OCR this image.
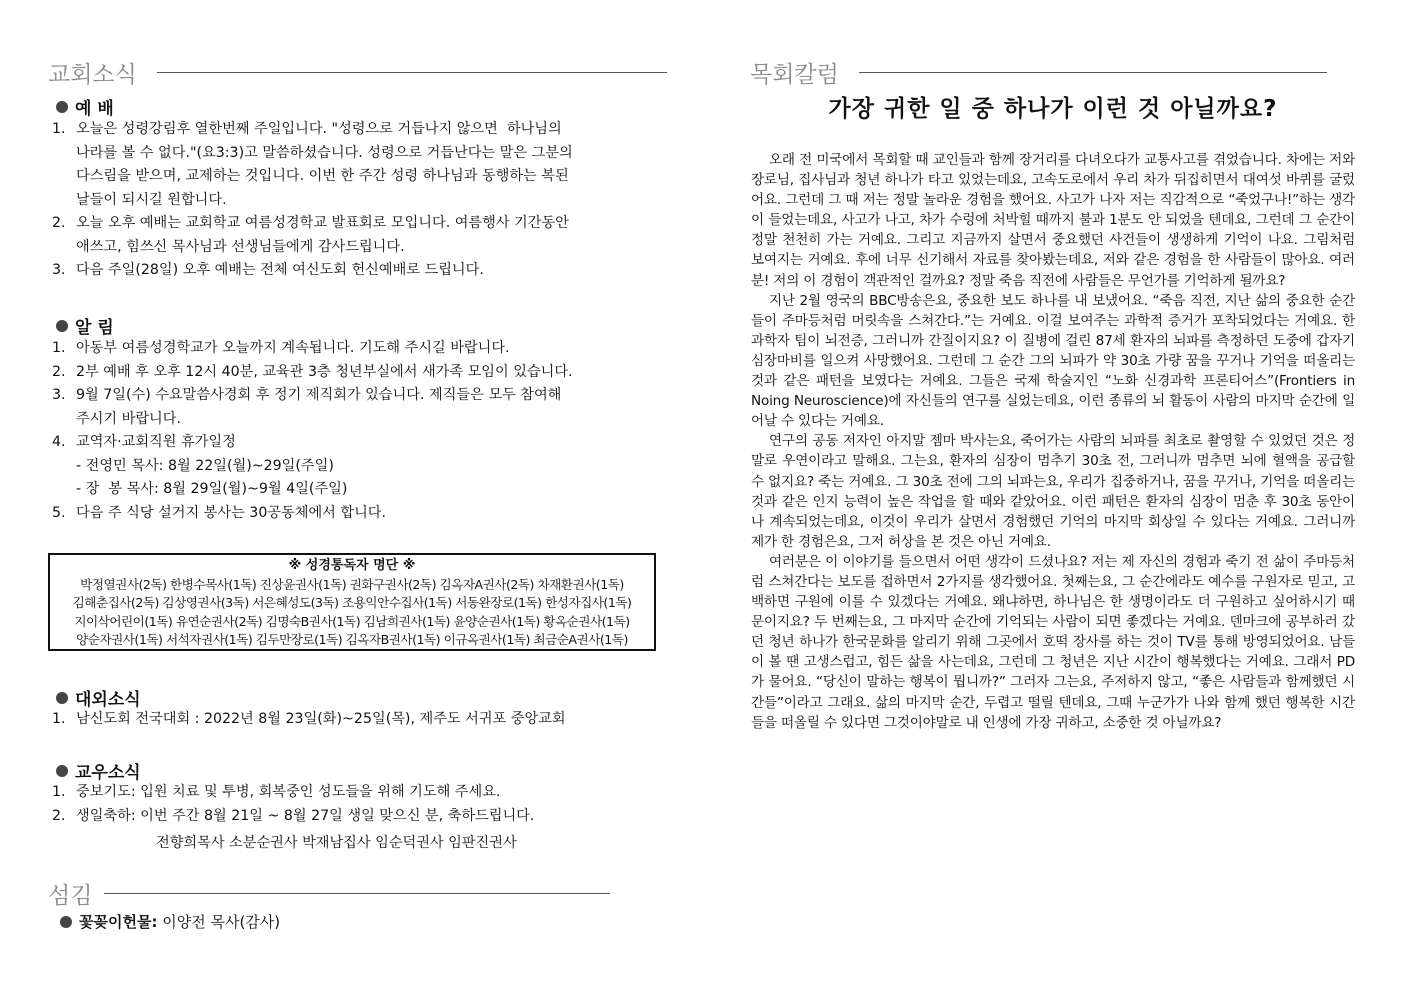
교회소식
예 배
1. 오늘은 성령강림후 열한번째 주일입니다. "성령으로 거듭나지 않으면  하나님의
나라를 볼 수 없다."(요3:3)고 말씀하셨습니다. 성령으로 거듭난다는 말은 그분의
다스림을 받으며, 교제하는 것입니다. 이번 한 주간 성령 하나님과 동행하는 복된
날들이 되시길 원합니다.
2. 오늘 오후 예배는 교회학교 여름성경학교 발표회로 모입니다. 여름행사 기간동안
애쓰고, 힘쓰신 목사님과 선생님들에게 감사드립니다.
3. 다음 주일(28일) 오후 예배는 전체 여신도회 헌신예배로 드립니다.
알 림
1. 아동부 여름성경학교가 오늘까지 계속됩니다. 기도해 주시길 바랍니다.
2. 2부 예배 후 오후 12시 40분, 교육관 3층 청년부실에서 새가족 모임이 있습니다.
3. 9월 7일(수) 수요말씀사경회 후 정기 제직회가 있습니다. 제직들은 모두 참여해
주시기 바랍니다.
4. 교역자·교회직원 휴가일정
- 전영민 목사: 8월 22일(월)~29일(주일)
- 장  봉 목사: 8월 29일(월)~9월 4일(주일)
5. 다음 주 식당 설거지 봉사는 30공동체에서 합니다.
※ 성경통독자 명단 ※
박정열권사(2독) 한병수목사(1독) 진상윤권사(1독) 권화구권사(2독) 김옥자A권사(2독) 차재환권사(1독)
김해춘집사(2독) 김상영권사(3독) 서은혜성도(3독) 조용익안수집사(1독) 서동완장로(1독) 한성자집사(1독)
지이삭어린이(1독) 유연순권사(2독) 김명숙B권사(1독) 김남희권사(1독) 윤양순권사(1독) 황옥순권사(1독)
양순자권사(1독) 서석자권사(1독) 김두만장로(1독) 김옥자B권사(1독) 이규옥권사(1독) 최금순A권사(1독)
대외소식
1. 남신도회 전국대회 : 2022년 8월 23일(화)~25일(목), 제주도 서귀포 중앙교회
교우소식
1. 중보기도: 입원 치료 및 투병, 회복중인 성도들을 위해 기도해 주세요.
2. 생일축하: 이번 주간 8월 21일 ~ 8월 27일 생일 맞으신 분, 축하드립니다.
전향희목사 소분순권사 박재남집사 임순덕권사 임판진권사
섬김
꽃꽂이헌물: 이양전 목사(감사)
목회칼럼
가장 귀한 일 중 하나가 이런 것 아닐까요?

오래 전 미국에서 목회할 때 교인들과 함께 장거리를 다녀오다가 교통사고를 겪었습니다. 차에는 저와 장로님, 집사님과 청년 하나가 타고 있었는데요, 고속도로에서 우리 차가 뒤집히면서 대여섯 바퀴를 굴렀어요. 그런데 그 때 저는 정말 놀라운 경험을 했어요. 사고가 나자 저는 직감적으로 “죽었구나!”하는 생각이 들었는데요, 사고가 나고, 차가 수렁에 처박힐 때까지 불과 1분도 안 되었을 텐데요, 그런데 그 순간이 정말 천천히 가는 거예요. 그리고 지금까지 살면서 중요했던 사건들이 생생하게 기억이 나요. 그림처럼 보여지는 거예요. 후에 너무 신기해서 자료를 찾아봤는데요, 저와 같은 경험을 한 사람들이 많아요. 여러분! 저의 이 경험이 객관적인 걸까요? 정말 죽음 직전에 사람들은 무언가를 기억하게 될까요?

지난 2월 영국의 BBC방송은요, 중요한 보도 하나를 내 보냈어요. “죽음 직전, 지난 삶의 중요한 순간들이 주마등처럼 머릿속을 스쳐간다.”는 거예요. 이걸 보여주는 과학적 증거가 포착되었다는 거예요. 한 과학자 팀이 뇌전증, 그러니까 간질이지요? 이 질병에 걸린 87세 환자의 뇌파를 측정하던 도중에 갑자기 심장마비를 일으켜 사망했어요. 그런데 그 순간 그의 뇌파가 약 30초 가량 꿈을 꾸거나 기억을 떠올리는 것과 같은 패턴을 보였다는 거예요. 그들은 국제 학술지인 “노화 신경과학 프론티어스”(Frontiers in Noing Neuroscience)에 자신들의 연구를 실었는데요, 이런 종류의 뇌 활동이 사람의 마지막 순간에 일어날 수 있다는 거예요.

연구의 공동 저자인 아지말 젬마 박사는요, 죽어가는 사람의 뇌파를 최초로 촬영할 수 있었던 것은 정말로 우연이라고 말해요. 그는요, 환자의 심장이 멈추기 30초 전, 그러니까 멈추면 뇌에 혈액을 공급할 수 없지요? 죽는 거예요. 그 30초 전에 그의 뇌파는요, 우리가 집중하거나, 꿈을 꾸거나, 기억을 떠올리는 것과 같은 인지 능력이 높은 작업을 할 때와 같았어요. 이런 패턴은 환자의 심장이 멈춘 후 30초 동안이나 계속되었는데요, 이것이 우리가 살면서 경험했던 기억의 마지막 회상일 수 있다는 거예요. 그러니까 제가 한 경험은요, 그저 허상을 본 것은 아닌 거예요.

여러분은 이 이야기를 들으면서 어떤 생각이 드셨나요? 저는 제 자신의 경험과 죽기 전 삶이 주마등처럼 스쳐간다는 보도를 접하면서 2가지를 생각했어요. 첫째는요, 그 순간에라도 예수를 구원자로 믿고, 고백하면 구원에 이를 수 있겠다는 거예요. 왜냐하면, 하나님은 한 생명이라도 더 구원하고 싶어하시기 때문이지요? 두 번째는요, 그 마지막 순간에 기억되는 사람이 되면 좋겠다는 거예요. 덴마크에 공부하러 갔던 청년 하나가 한국문화를 알리기 위해 그곳에서 호떡 장사를 하는 것이 TV를 통해 방영되었어요. 남들이 볼 땐 고생스럽고, 힘든 삶을 사는데요, 그런데 그 청년은 지난 시간이 행복했다는 거예요. 그래서 PD가 물어요. “당신이 말하는 행복이 뭡니까?” 그러자 그는요, 주저하지 않고, “좋은 사람들과 함께했던 시간들”이라고 그래요. 삶의 마지막 순간, 두렵고 떨릴 텐데요, 그때 누군가가 나와 함께 했던 행복한 시간들을 떠올릴 수 있다면 그것이야말로 내 인생에 가장 귀하고, 소중한 것 아닐까요?
